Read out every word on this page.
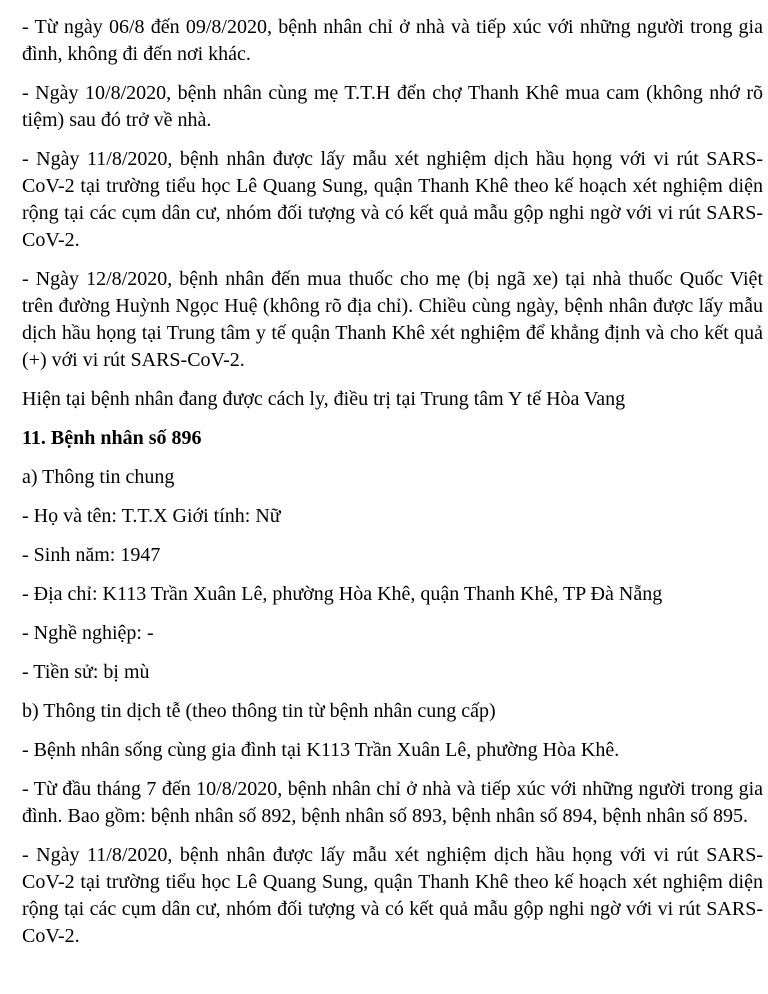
- Từ ngày 06/8 đến 09/8/2020, bệnh nhân chỉ ở nhà và tiếp xúc với những người trong gia đình, không đi đến nơi khác.

- Ngày 10/8/2020, bệnh nhân cùng mẹ T.T.H đến chợ Thanh Khê mua cam (không nhớ rõ tiệm) sau đó trở về nhà.

- Ngày 11/8/2020, bệnh nhân được lấy mẫu xét nghiệm dịch hầu họng với vi rút SARS-CoV-2 tại trường tiểu học Lê Quang Sung, quận Thanh Khê theo kế hoạch xét nghiệm diện rộng tại các cụm dân cư, nhóm đối tượng và có kết quả mẫu gộp nghi ngờ với vi rút SARS-CoV-2.

- Ngày 12/8/2020, bệnh nhân đến mua thuốc cho mẹ (bị ngã xe) tại nhà thuốc Quốc Việt trên đường Huỳnh Ngọc Huệ (không rõ địa chỉ). Chiều cùng ngày, bệnh nhân được lấy mẫu dịch hầu họng tại Trung tâm y tế quận Thanh Khê xét nghiệm để khẳng định và cho kết quả (+) với vi rút SARS-CoV-2.

Hiện tại bệnh nhân đang được cách ly, điều trị tại Trung tâm Y tế Hòa Vang

11. Bệnh nhân số 896

a) Thông tin chung

- Họ và tên: T.T.X Giới tính: Nữ

- Sinh năm: 1947

- Địa chỉ: K113 Trần Xuân Lê, phường Hòa Khê, quận Thanh Khê, TP Đà Nẵng

- Nghề nghiệp: -

- Tiền sử: bị mù

b) Thông tin dịch tễ (theo thông tin từ bệnh nhân cung cấp)

- Bệnh nhân sống cùng gia đình tại K113 Trần Xuân Lê, phường Hòa Khê.

- Từ đầu tháng 7 đến 10/8/2020, bệnh nhân chỉ ở nhà và tiếp xúc với những người trong gia đình. Bao gồm: bệnh nhân số 892, bệnh nhân số 893, bệnh nhân số 894, bệnh nhân số 895.

- Ngày 11/8/2020, bệnh nhân được lấy mẫu xét nghiệm dịch hầu họng với vi rút SARS-CoV-2 tại trường tiểu học Lê Quang Sung, quận Thanh Khê theo kế hoạch xét nghiệm diện rộng tại các cụm dân cư, nhóm đối tượng và có kết quả mẫu gộp nghi ngờ với vi rút SARS-CoV-2.
